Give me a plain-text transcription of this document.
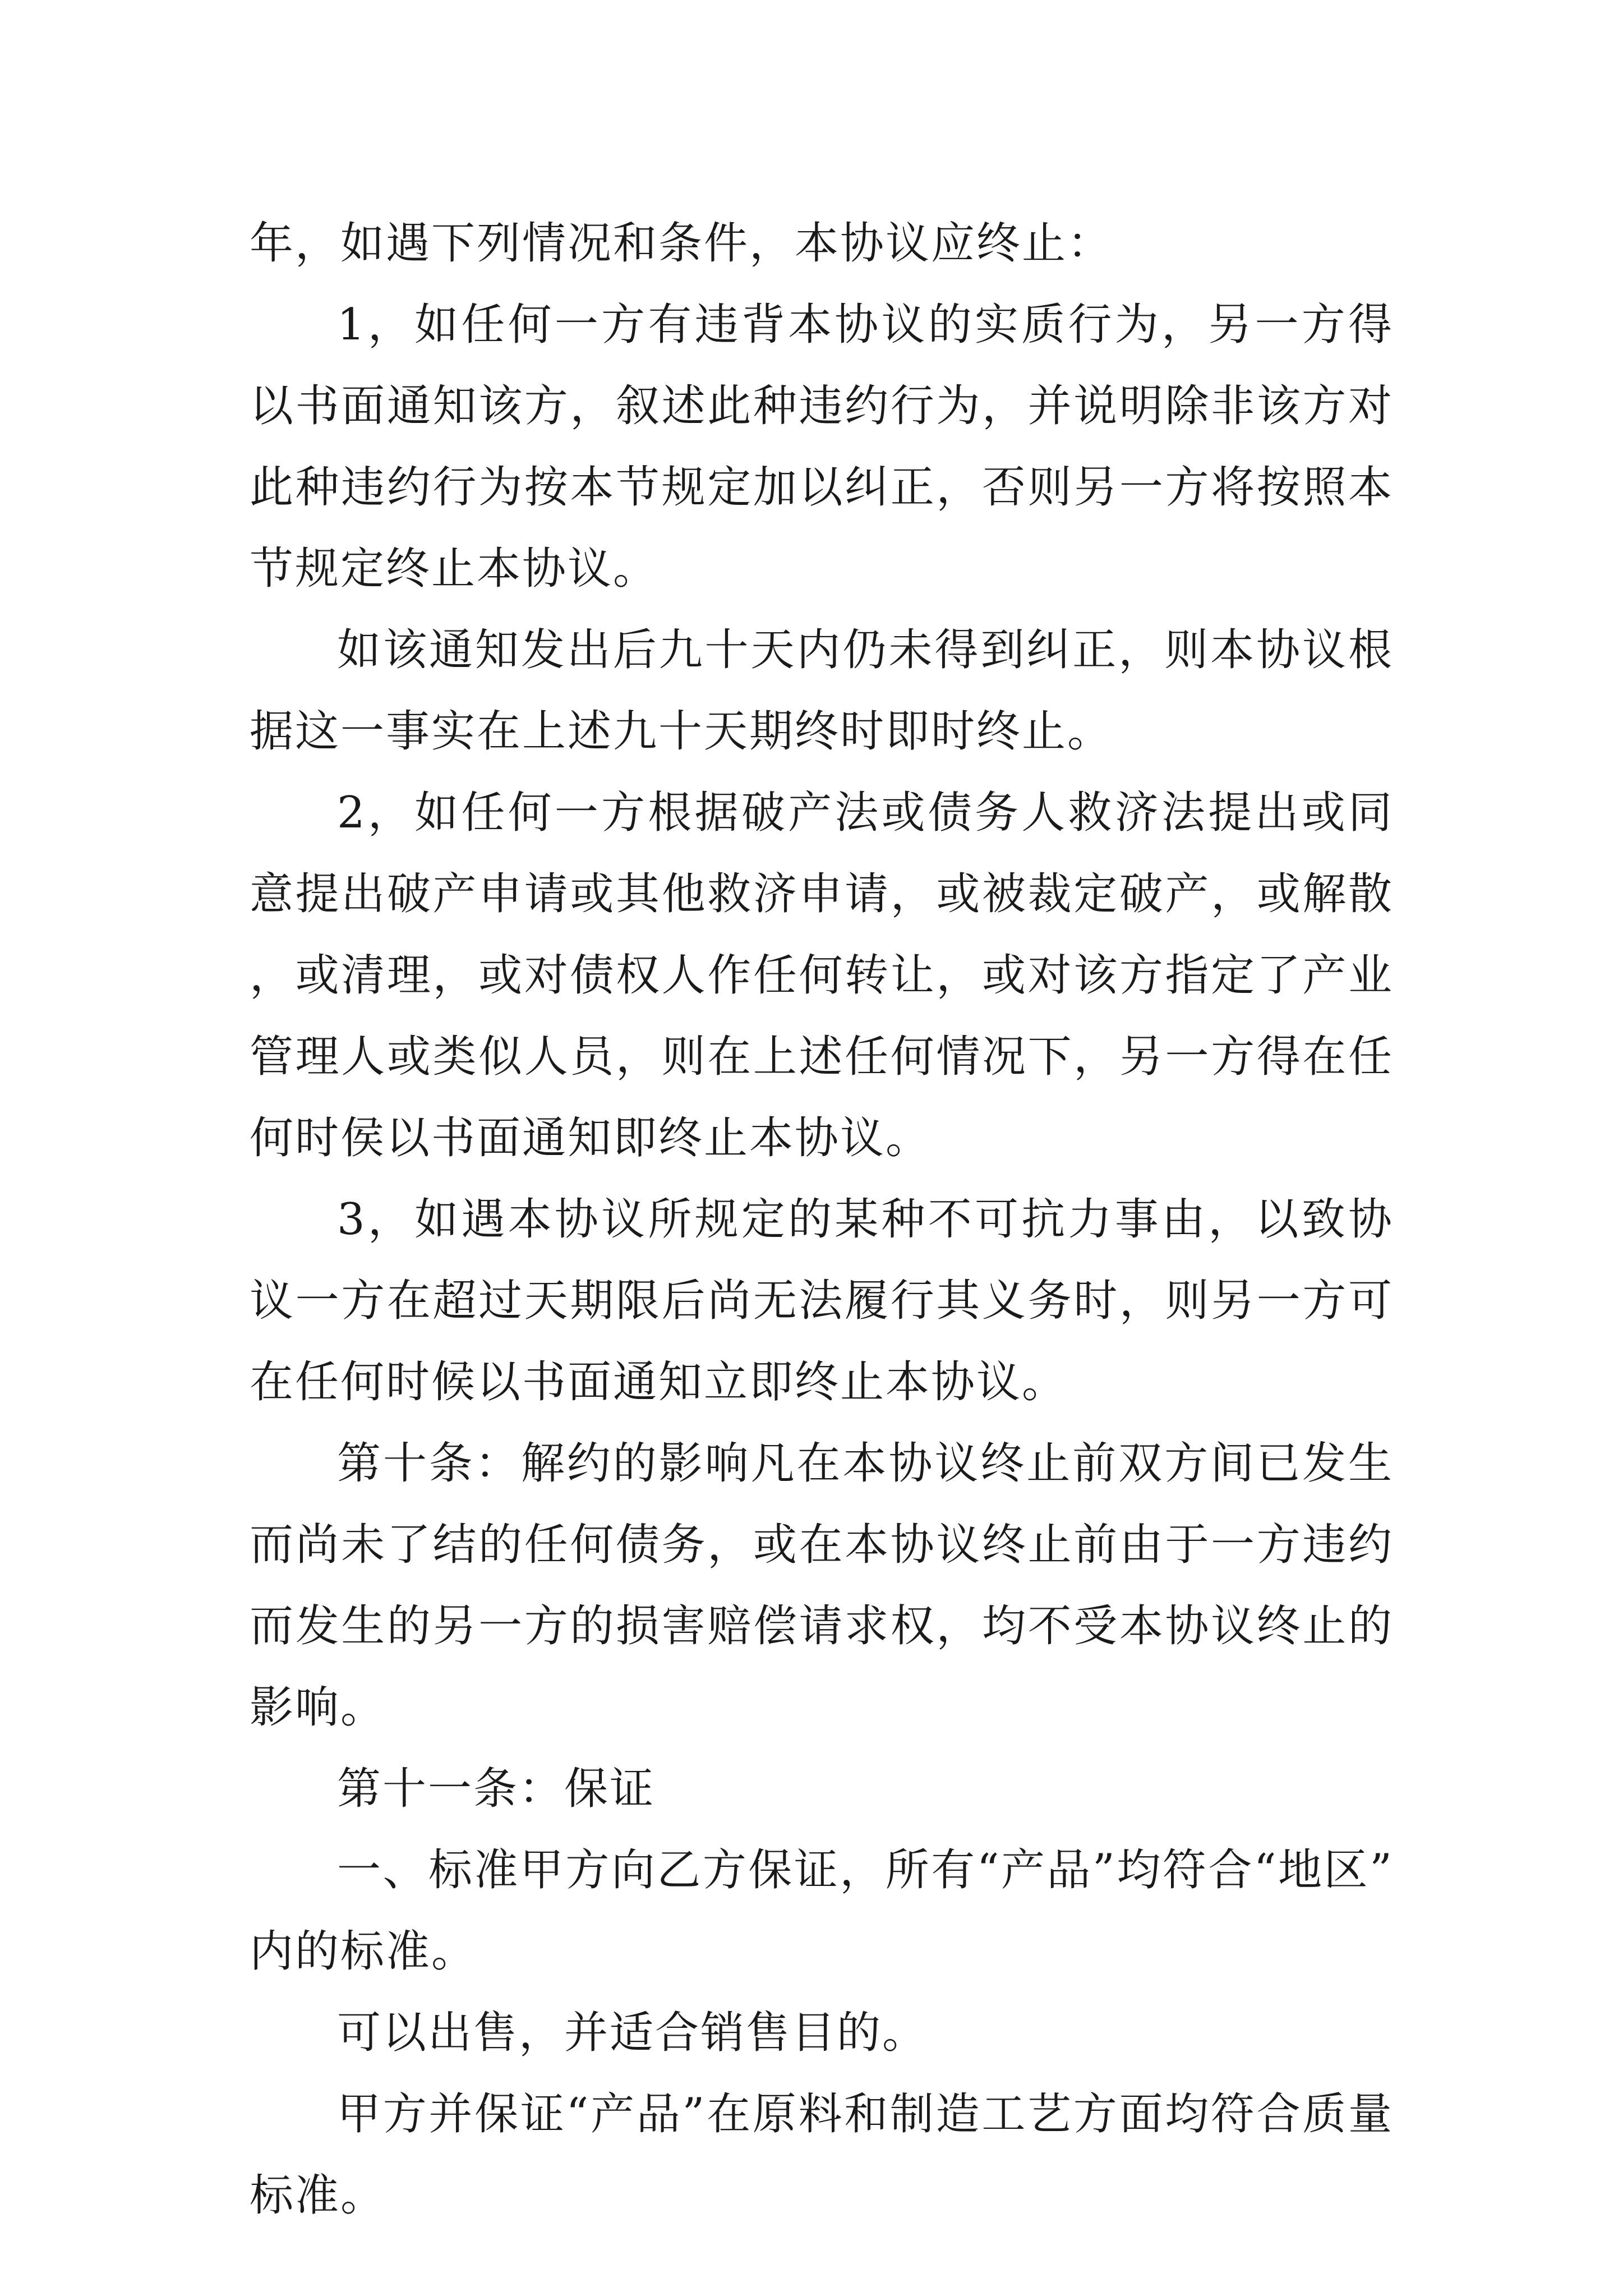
年，如遇下列情况和条件，本协议应终止：

1，如任何一方有违背本协议的实质行为，另一方得以书面通知该方，叙述此种违约行为，并说明除非该方对此种违约行为按本节规定加以纠正，否则另一方将按照本节规定终止本协议。

如该通知发出后九十天内仍未得到纠正，则本协议根据这一事实在上述九十天期终时即时终止。

2，如任何一方根据破产法或债务人救济法提出或同意提出破产申请或其他救济申请，或被裁定破产，或解散，或清理，或对债权人作任何转让，或对该方指定了产业管理人或类似人员，则在上述任何情况下，另一方得在任何时侯以书面通知即终止本协议。

3，如遇本协议所规定的某种不可抗力事由，以致协议一方在超过天期限后尚无法履行其义务时，则另一方可在任何时候以书面通知立即终止本协议。

第十条：解约的影响凡在本协议终止前双方间已发生而尚未了结的任何债务，或在本协议终止前由于一方违约而发生的另一方的损害赔偿请求权，均不受本协议终止的影响。

第十一条：保证

一、标准甲方向乙方保证，所有“产品”均符合“地区”内的标准。

可以出售，并适合销售目的。

甲方并保证“产品”在原料和制造工艺方面均符合质量标准。
